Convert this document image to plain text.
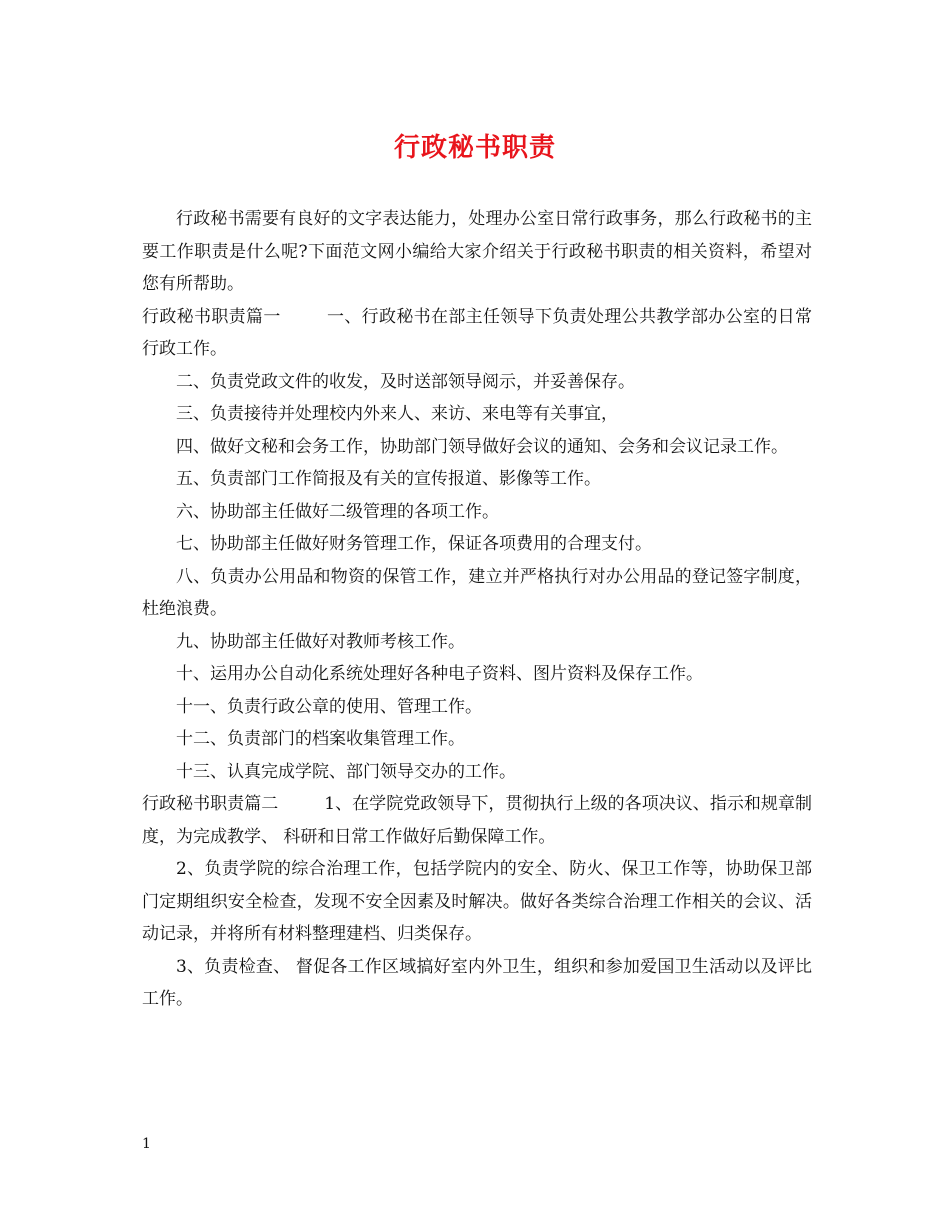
行政秘书职责

行政秘书需要有良好的文字表达能力，处理办公室日常行政事务，那么行政秘书的主要工作职责是什么呢?下面范文网小编给大家介绍关于行政秘书职责的相关资料，希望对您有所帮助。

行政秘书职责篇一	一、行政秘书在部主任领导下负责处理公共教学部办公室的日常行政工作。

二、负责党政文件的收发，及时送部领导阅示，并妥善保存。

三、负责接待并处理校内外来人、来访、来电等有关事宜，

四、做好文秘和会务工作，协助部门领导做好会议的通知、会务和会议记录工作。

五、负责部门工作简报及有关的宣传报道、影像等工作。

六、协助部主任做好二级管理的各项工作。

七、协助部主任做好财务管理工作，保证各项费用的合理支付。

八、负责办公用品和物资的保管工作，建立并严格执行对办公用品的登记签字制度，杜绝浪费。

九、协助部主任做好对教师考核工作。

十、运用办公自动化系统处理好各种电子资料、图片资料及保存工作。

十一、负责行政公章的使用、管理工作。

十二、负责部门的档案收集管理工作。

十三、认真完成学院、部门领导交办的工作。

行政秘书职责篇二	1、在学院党政领导下，贯彻执行上级的各项决议、指示和规章制度，为完成教学、 科研和日常工作做好后勤保障工作。

2、负责学院的综合治理工作，包括学院内的安全、防火、保卫工作等，协助保卫部门定期组织安全检查，发现不安全因素及时解决。做好各类综合治理工作相关的会议、活动记录，并将所有材料整理建档、归类保存。

3、负责检查、 督促各工作区域搞好室内外卫生，组织和参加爱国卫生活动以及评比工作。

1
